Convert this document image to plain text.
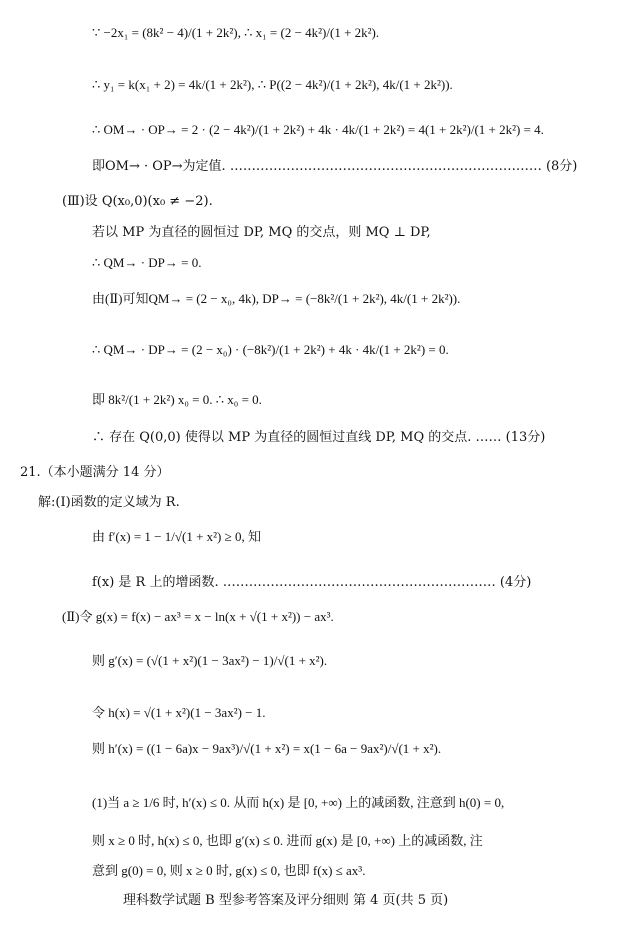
∵ −2x₁ = (8k² − 4)/(1 + 2k²), ∴ x₁ = (2 − 4k²)/(1 + 2k²).
∴ y₁ = k(x₁ + 2) = 4k/(1 + 2k²), ∴ P((2 − 4k²)/(1 + 2k²), 4k/(1 + 2k²)).
∴ OM→ · OP→ = 2 · (2 − 4k²)/(1 + 2k²) + 4k · 4k/(1 + 2k²) = 4(1 + 2k²)/(1 + 2k²) = 4.
即OM→ · OP→为定值. ……………………………………………………………… (8分)
(Ⅲ)设 Q(x₀,0)(x₀ ≠ −2).
若以 MP 为直径的圆恒过 DP, MQ 的交点，则 MQ ⊥ DP,
∴ QM→ · DP→ = 0.
由(Ⅱ)可知QM→ = (2 − x₀, 4k), DP→ = (−8k²/(1 + 2k²), 4k/(1 + 2k²)).
∴ QM→ · DP→ = (2 − x₀) · (−8k²)/(1 + 2k²) + 4k · 4k/(1 + 2k²) = 0.
即 8k²/(1 + 2k²) x₀ = 0. ∴ x₀ = 0.
∴ 存在 Q(0,0) 使得以 MP 为直径的圆恒过直线 DP, MQ 的交点. …… (13分)
21.（本小题满分 14 分）
解:(Ⅰ)函数的定义域为 R.
由 f′(x) = 1 − 1/√(1 + x²) ≥ 0, 知
f(x) 是 R 上的增函数. ……………………………………………………… (4分)
(Ⅱ)令 g(x) = f(x) − ax³ = x − ln(x + √(1 + x²)) − ax³.
则 g′(x) = (√(1 + x²)(1 − 3ax²) − 1)/√(1 + x²).
令 h(x) = √(1 + x²)(1 − 3ax²) − 1.
则 h′(x) = ((1 − 6a)x − 9ax³)/√(1 + x²) = x(1 − 6a − 9ax²)/√(1 + x²).
(1)当 a ≥ 1/6 时, h′(x) ≤ 0. 从而 h(x) 是 [0, +∞) 上的减函数, 注意到 h(0) = 0,
则 x ≥ 0 时, h(x) ≤ 0, 也即 g′(x) ≤ 0. 进而 g(x) 是 [0, +∞) 上的减函数, 注
意到 g(0) = 0, 则 x ≥ 0 时, g(x) ≤ 0, 也即 f(x) ≤ ax³.
理科数学试题 B 型参考答案及评分细则 第 4 页(共 5 页)
